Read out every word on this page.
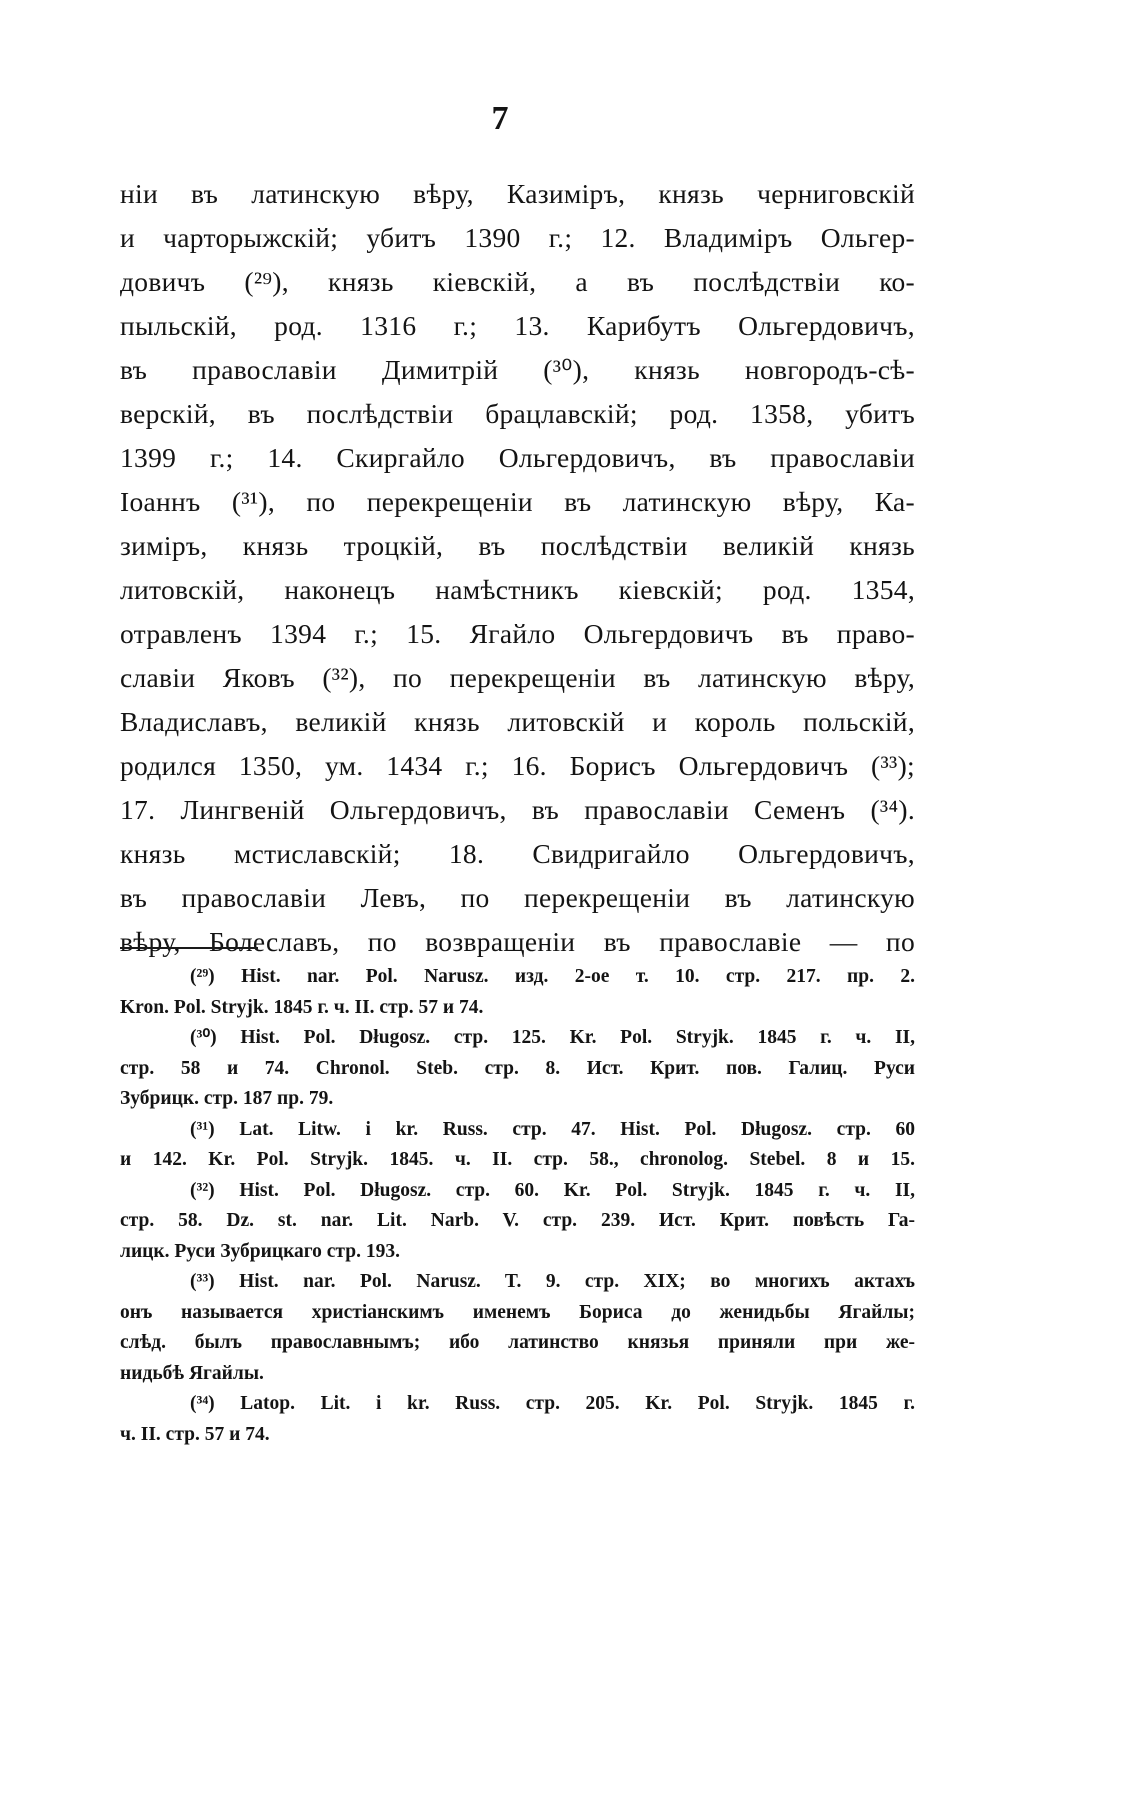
7
нiи въ латинскую вѣру, Казимiръ, князь черниговскiй
и чарторыжскiй; убитъ 1390 г.; 12. Владимiръ Ольгер-
довичъ (²⁹), князь кiевскiй, а въ послѣдствiи ко-
пыльскiй, род. 1316 г.; 13. Карибутъ Ольгердовичъ,
въ православiи Димитрiй (³⁰), князь новгородъ-сѣ-
верскiй, въ послѣдствiи брацлавскiй; род. 1358, убитъ
1399 г.; 14. Скиргайло Ольгердовичъ, въ православiи
Iоаннъ (³¹), по перекрещенiи въ латинскую вѣру, Ка-
зимiръ, князь троцкiй, въ послѣдствiи великiй князь
литовскiй, наконецъ намѣстникъ кiевскiй; род. 1354,
отравленъ 1394 г.; 15. Ягайло Ольгердовичъ въ право-
славiи Яковъ (³²), по перекрещенiи въ латинскую вѣру,
Владиславъ, великiй князь литовскiй и король польскiй,
родился 1350, ум. 1434 г.; 16. Борисъ Ольгердовичъ (³³);
17. Лингвенiй Ольгердовичъ, въ православiи Семенъ (³⁴).
князь мстиславскiй; 18. Свидригайло Ольгердовичъ,
въ православiи Левъ, по перекрещенiи въ латинскую
вѣру, Болеславъ, по возвращенiи въ православiе — по
(²⁹) Hist. nar. Pol. Narusz. изд. 2-ое т. 10. стр. 217. пр. 2.
Kron. Pol. Stryjk. 1845 г. ч. II. стр. 57 и 74.
(³⁰) Hist. Pol. Długosz. стр. 125. Kr. Pol. Stryjk. 1845 г. ч. II,
стр. 58 и 74. Chronol. Steb. стр. 8. Ист. Крит. пов. Галиц. Руси
Зубрицк. стр. 187 пр. 79.
(³¹) Lat. Litw. i kr. Russ. стр. 47. Hist. Pol. Długosz. стр. 60
и 142. Kr. Pol. Stryjk. 1845. ч. II. стр. 58., chronolog. Stebel. 8 и 15.
(³²) Hist. Pol. Długosz. стр. 60. Kr. Pol. Stryjk. 1845 г. ч. II,
стр. 58. Dz. st. nar. Lit. Narb. V. стр. 239. Ист. Крит. повѣсть Га-
лицк. Руси Зубрицкаго стр. 193.
(³³) Hist. nar. Pol. Narusz. T. 9. стр. XIX; во многихъ актахъ
онъ называется христiанскимъ именемъ Бориса до женидьбы Ягайлы;
слѣд. былъ православнымъ; ибо латинство князья приняли при же-
нидьбѣ Ягайлы.
(³⁴) Latop. Lit. i kr. Russ. стр. 205. Kr. Pol. Stryjk. 1845 г.
ч. II. стр. 57 и 74.
